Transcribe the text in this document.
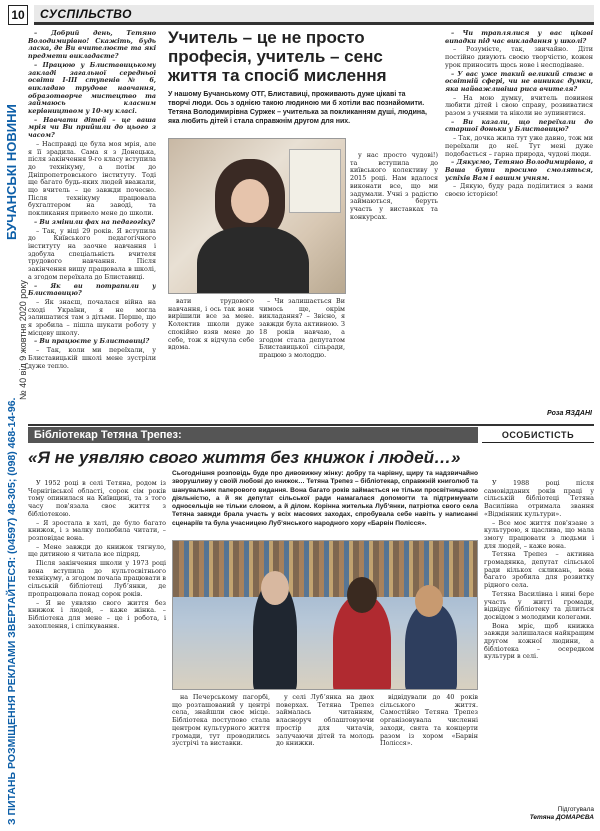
10	СУСПІЛЬСТВО
БУЧАНСЬКІ НОВИНИ
№ 40 від 9 жовтня 2020 року
З ПИТАНЬ РОЗМІЩЕННЯ РЕКЛАМИ ЗВЕРТАЙТЕСЯ: (04597) 48-305; (098) 468-14-96.

– Добрий день, Тетяно Володимирівно! Скажіть, будь ласка, де Ви вчителюєте та які предмети викладаєте?

– Працюю у Блиставицькому закладі загальної середньої освіти І-ІІІ ступенів № 6, викладаю трудове навчання, образотворче мистецтво та займаюсь класним керівництвом у 10-му класі.

– Навчати дітей – це ваша мрія чи Ви прийшли до цього з часом?

– Насправді це була моя мрія, але я її зрадила. Сама я з Донецька, після закінчення 9-го класу вступила до технікуму, а потім до Дніпропетровського інституту. Тоді ще багато будь-яких людей вважали, що вчитель – це завжди почесно. Після технікуму працювала бухгалтером на заводі, та покликання привело мене до школи.

– Ви змінили фах на педагогіку?

– Так, у віці 29 років. Я вступила до Київського педагогічного інституту на заочне навчання і здобула спеціальність вчителя трудового навчання. Після закінчення вишу працювала в школі, а згодом переїхала до Блиставиці.

– Як ви потрапили у Блиставицю?

– Як знаєш, почалася війна на сході України, я не могла залишатися там з дітьми. Перше, що я зробила – пішла шукати роботу у місцеву школу.

– Ви працюєте у Блиставиці?

– Так, коли ми переїхали, у Блиставицькій школі мене зустріли дуже тепло.

Учитель – це не просто професія, учитель – сенс життя та спосіб мислення
У нашому Бучанському ОТГ, Блиставиці, проживають дуже цікаві та творчі люди. Ось з однією такою людиною ми б хотіли вас познайомити. Тетяна Володимирівна Суржек – учителька за покликанням душі, людина, яка любить дітей і стала справжнім другом для них.

вати трудового навчання, і ось так вони вирішили все за мене. Колектив школи дуже спокійно взяв мене до себе, тож я відчула себе вдома.

– Чи залишається Ви чимось ще, окрім викладання? – Звісно, я завжди була активною. З 18 років навчаю, а згодом стала депутатом Блиставицької сільради, працюю з молоддю.

у нас просто чудові!) та вступила до київського колективу у 2015 році. Нам вдалося виконати все, що ми задумали. Учні з радістю займаються, беруть участь у виставках та конкурсах.

– Чи траплялися у вас цікаві випадки під час викладання у школі?

– Розумієте, так, звичайно. Діти постійно дивують своєю творчістю, кожен урок приносить щось нове і несподіване.

– У вас уже такий великий стаж в освітній сфері, чи не виникає думки, яка найважливіша риса вчителя?

– На мою думку, вчитель повинен любити дітей і свою справу, розвиватися разом з учнями та ніколи не зупинятися.

– Ви казали, що переїхали до старшої доньки у Блиставицю?

– Так, дочка жила тут уже давно, тож ми переїхали до неї. Тут мені дуже подобається – гарна природа, чудові люди.

– Дякуємо, Тетяно Володимирівно, а Ваша бути просимо смоляться, успіхів Вам і вашим учням.

– Дякую, буду рада поділитися з вами своєю історією!

Роза ЯЗДАНІ
Бібліотекар Тетяна Трепез:	ОСОБИСТІСТЬ
«Я не уявляю свого життя без книжок і людей…»

У 1952 році в селі Тетяна, родом із Чернігівської області, сорок сім років тому опинилася на Київщині, та з того часу пов'язала своє життя з бібліотекою.

– Я зростала в хаті, де було багато книжок, і з малку полюбила читати, – розповідає вона.

– Мене завжди до книжок тягнуло, ще дитиною я читала все підряд.

Після закінчення школи у 1973 році вона вступила до культосвітнього технікуму, а згодом почала працювати в сільській бібліотеці Лубʼянки, де пропрацювала понад сорок років.

– Я не уявляю свого життя без книжок і людей, – каже жінка. – Бібліотека для мене – це і робота, і захоплення, і спілкування.

Сьогоднішня розповідь буде про дивовижну жінку: добру та чарівну, щиру та надзвичайно зворушливу у своїй любові до книжок… Тетяна Трепез – бібліотекар, справжній книголюб та шанувальник паперового видання. Вона багато років займається не тільки просвітницькою діяльністю, а й як депутат сільської ради намагалася допомогти та підтримувати односельців не тільки словом, а й ділом. Корінна жителька Лубʼянки, патріотка свого села Тетяна завжди брала участь у всіх масових заходах, спробувала себе навіть у написанні сценаріїв та була учасницею Лубʼянського народного хору «Барвін Полісся».

на Печерському пагорбі, що розташований у центрі села, знайшли своє місце. Бібліотека поступово стала центром культурного життя громади, тут проводились зустрічі та виставки.

у селі Лубʼянка на двох поверхах. Тетяна Трепез займалась читанням, власноруч облаштовуючи простір для читачів, залучаючи дітей та молодь до книжки.

відвідували до 40 років сільського життя. Самостійно Тетяна Трепез організовувала численні заходи, свята та концерти разом із хором «Барвін Полісся».

У 1988 році після самовідданих років праці у сільській бібліотеці Тетяна Василівна отримала звання «Відмінник культури».

– Все моє життя пов'язане з культурою, я щаслива, що мала змогу працювати з людьми і для людей, – каже вона.

Тетяна Трепез – активна громадянка, депутат сільської ради кількох скликань, вона багато зробила для розвитку рідного села.

Тетяна Василівна і нині бере участь у житті громади, відвідує бібліотеку та ділиться досвідом з молодими колегами.

Вона мріє, щоб книжка завжди залишалася найкращим другом кожної людини, а бібліотека – осередком культури в селі.

Підготувала
Тетяна ДОМАРЄВА
